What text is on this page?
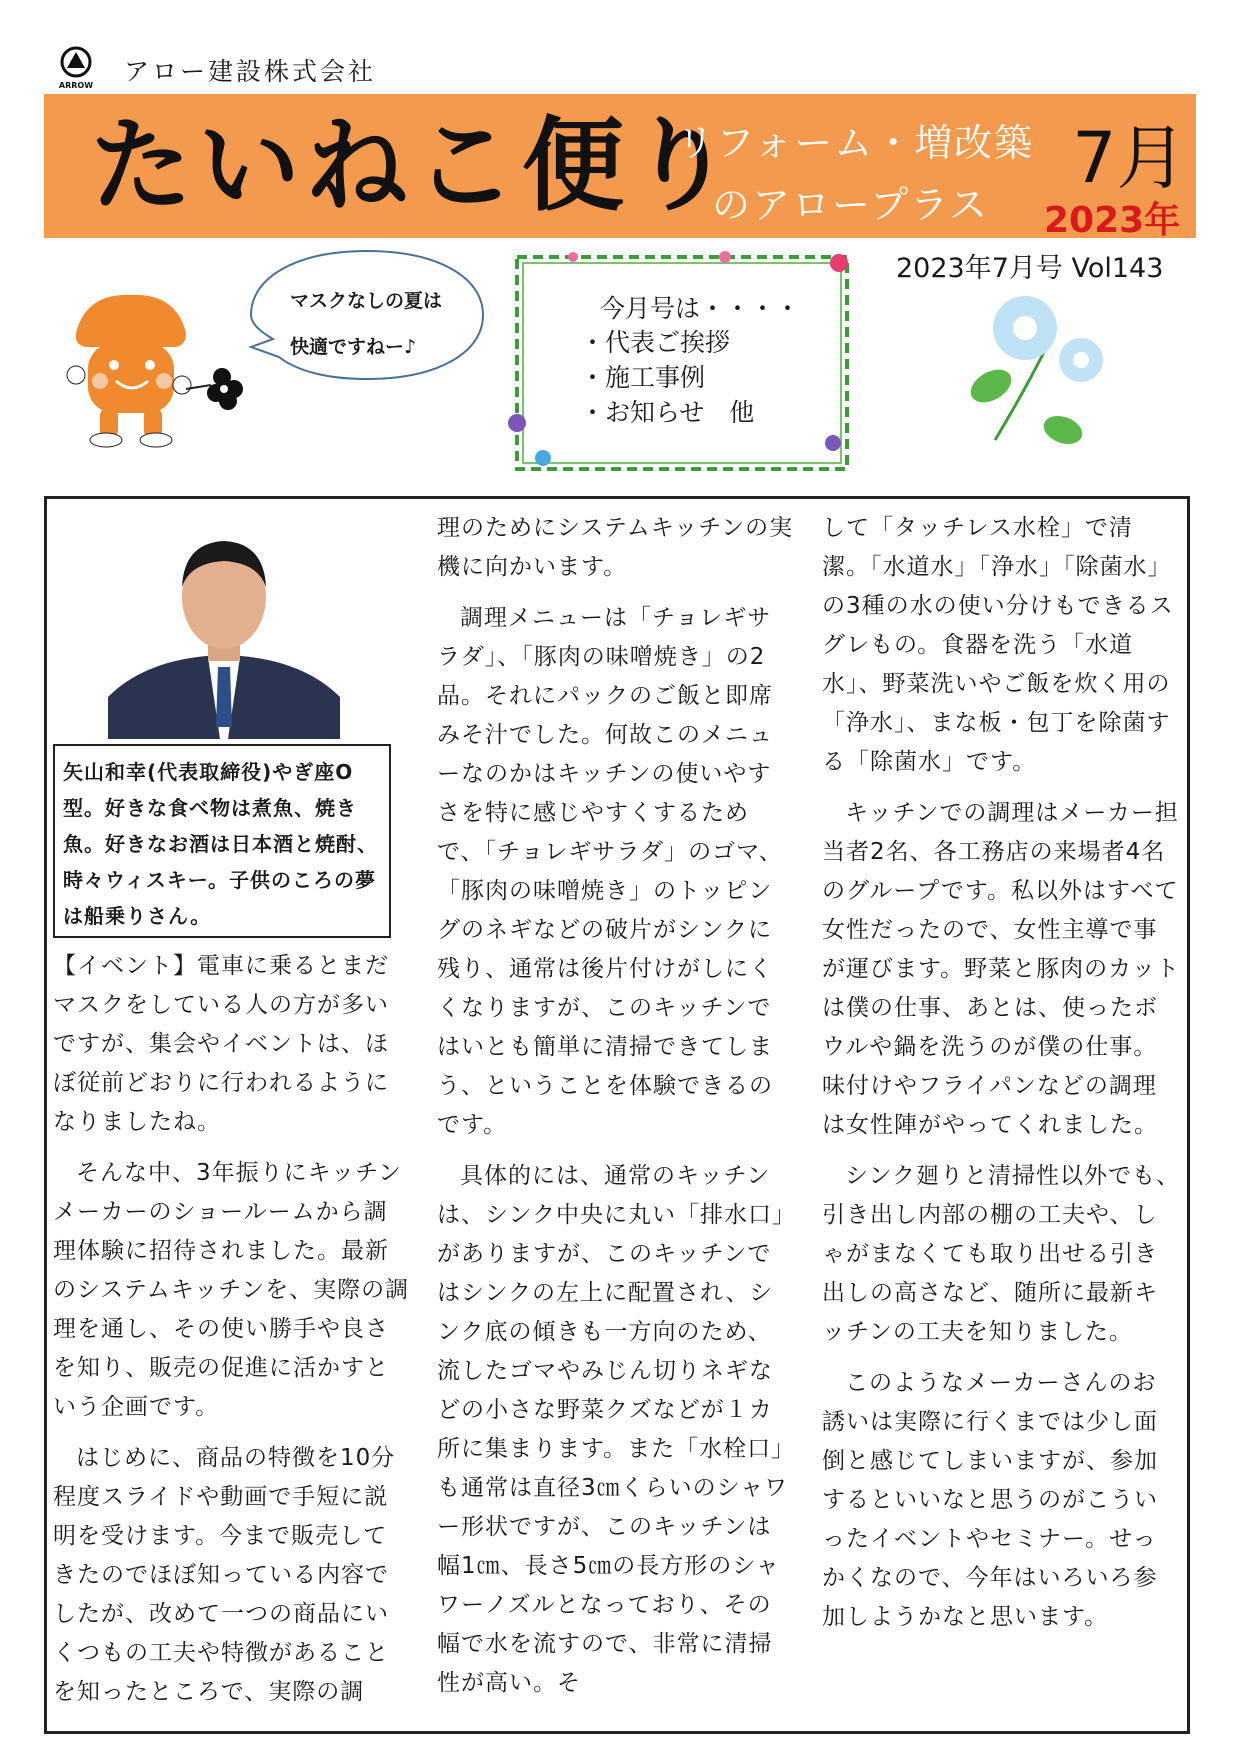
ARROW アロー建設株式会社
たいねこ便り
リフォーム・増改築
のアロープラス
7月
2023年
2023年7月号 Vol143
マスクなしの夏は
快適ですねー♪
今月号は・・・・
・代表ご挨拶
・施工事例
・お知らせ　他
矢山和幸(代表取締役)やぎ座O型。好きな食べ物は煮魚、焼き魚。好きなお酒は日本酒と焼酎、時々ウィスキー。子供のころの夢は船乗りさん。

【イベント】電車に乗るとまだマスクをしている人の方が多いですが、集会やイベントは、ほぼ従前どおりに行われるようになりましたね。

そんな中、3年振りにキッチンメーカーのショールームから調理体験に招待されました。最新のシステムキッチンを、実際の調理を通し、その使い勝手や良さを知り、販売の促進に活かすという企画です。

はじめに、商品の特徴を10分程度スライドや動画で手短に説明を受けます。今まで販売してきたのでほぼ知っている内容でしたが、改めて一つの商品にいくつもの工夫や特徴があることを知ったところで、実際の調

理のためにシステムキッチンの実機に向かいます。

調理メニューは「チョレギサラダ」、「豚肉の味噌焼き」の2品。それにパックのご飯と即席みそ汁でした。何故このメニューなのかはキッチンの使いやすさを特に感じやすくするためで、「チョレギサラダ」のゴマ、「豚肉の味噌焼き」のトッピングのネギなどの破片がシンクに残り、通常は後片付けがしにくくなりますが、このキッチンではいとも簡単に清掃できてしまう、ということを体験できるのです。

具体的には、通常のキッチンは、シンク中央に丸い「排水口」がありますが、このキッチンではシンクの左上に配置され、シンク底の傾きも一方向のため、流したゴマやみじん切りネギなどの小さな野菜クズなどが１カ所に集まります。また「水栓口」も通常は直径3㎝くらいのシャワー形状ですが、このキッチンは幅1㎝、長さ5㎝の長方形のシャワーノズルとなっており、その幅で水を流すので、非常に清掃性が高い。そ

して「タッチレス水栓」で清潔。「水道水」「浄水」「除菌水」の3種の水の使い分けもできるスグレもの。食器を洗う「水道水」、野菜洗いやご飯を炊く用の「浄水」、まな板・包丁を除菌する「除菌水」です。

キッチンでの調理はメーカー担当者2名、各工務店の来場者4名のグループです。私以外はすべて女性だったので、女性主導で事が運びます。野菜と豚肉のカットは僕の仕事、あとは、使ったボウルや鍋を洗うのが僕の仕事。味付けやフライパンなどの調理は女性陣がやってくれました。

シンク廻りと清掃性以外でも、引き出し内部の棚の工夫や、しゃがまなくても取り出せる引き出しの高さなど、随所に最新キッチンの工夫を知りました。

このようなメーカーさんのお誘いは実際に行くまでは少し面倒と感じてしまいますが、参加するといいなと思うのがこういったイベントやセミナー。せっかくなので、今年はいろいろ参加しようかなと思います。
